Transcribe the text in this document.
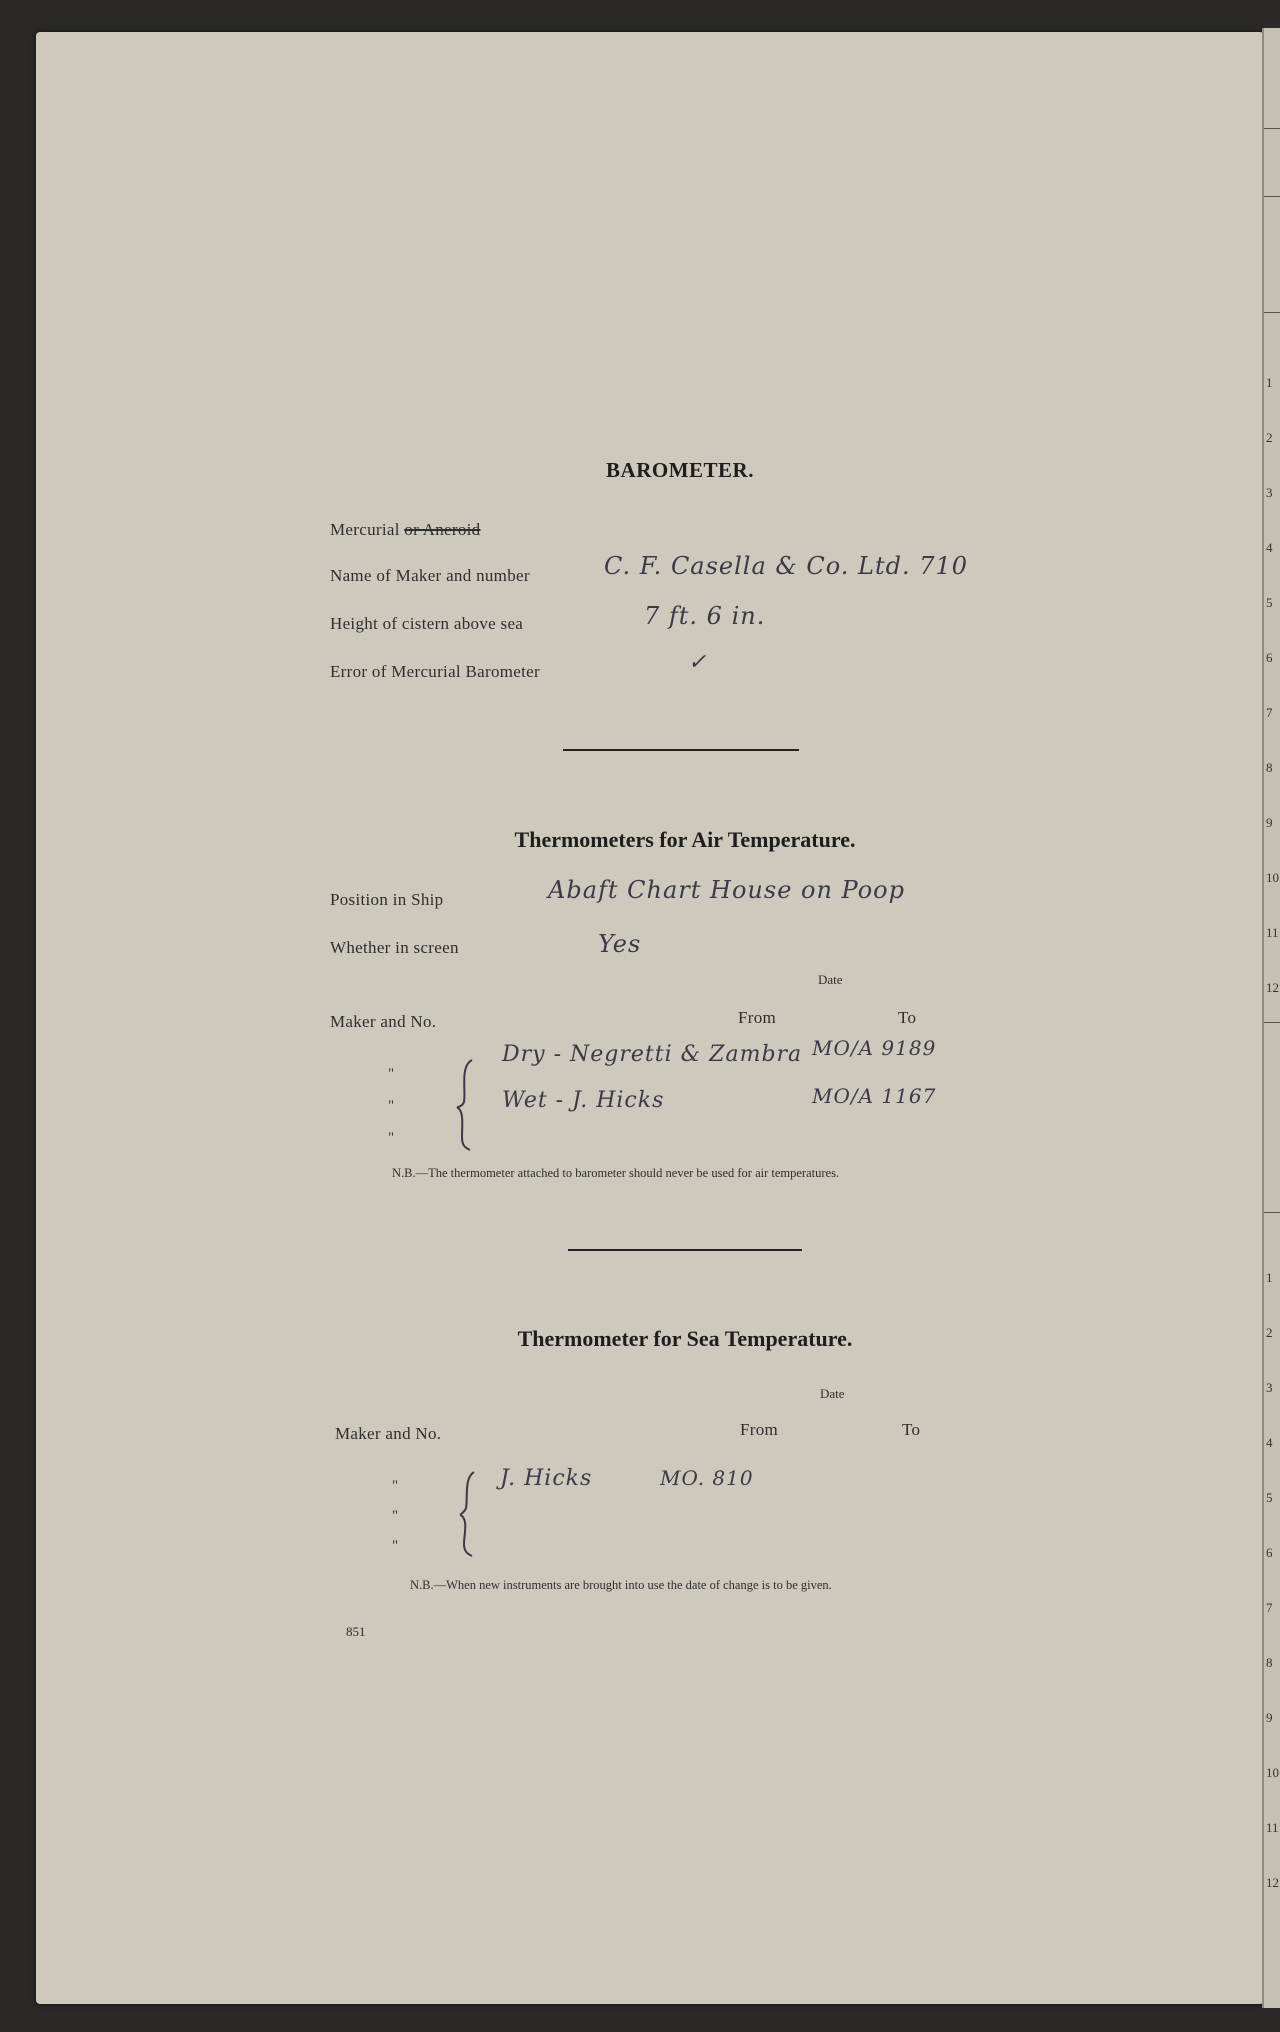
1
2
3
4
5
6
7
8
9
10
11
12
1
2
3
4
5
6
7
8
9
10
11
12
BAROMETER.
Mercurial or Aneroid
Name of Maker and number	C. F. Casella & Co. Ltd. 710
Height of cistern above sea	7 ft. 6 in.
Error of Mercurial Barometer	✓
Thermometers for Air Temperature.
Position in Ship	Abaft Chart House on Poop
Whether in screen	Yes
Date
Maker and No.	From	To
"
"
"
Dry - Negretti & Zambra MO/A 9189
Wet - J. Hicks	MO/A 1167
N.B.—The thermometer attached to barometer should never be used for air temperatures.
Thermometer for Sea Temperature.
Date
Maker and No.	From	To
"
"
"
J. Hicks	MO. 810
N.B.—When new instruments are brought into use the date of change is to be given.
851
